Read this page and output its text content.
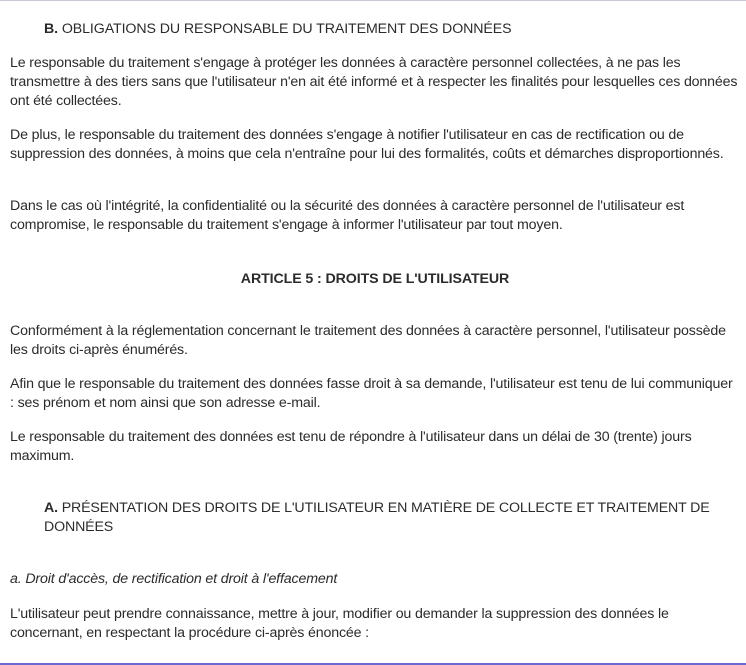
B. OBLIGATIONS DU RESPONSABLE DU TRAITEMENT DES DONNÉES

Le responsable du traitement s'engage à protéger les données à caractère personnel collectées, à ne pas les transmettre à des tiers sans que l'utilisateur n'en ait été informé et à respecter les finalités pour lesquelles ces données ont été collectées.

De plus, le responsable du traitement des données s'engage à notifier l'utilisateur en cas de rectification ou de suppression des données, à moins que cela n'entraîne pour lui des formalités, coûts et démarches disproportionnés.

Dans le cas où l'intégrité, la confidentialité ou la sécurité des données à caractère personnel de l'utilisateur est compromise, le responsable du traitement s'engage à informer l'utilisateur par tout moyen.

ARTICLE 5 : DROITS DE L'UTILISATEUR

Conformément à la réglementation concernant le traitement des données à caractère personnel, l'utilisateur possède les droits ci-après énumérés.

Afin que le responsable du traitement des données fasse droit à sa demande, l'utilisateur est tenu de lui communiquer : ses prénom et nom ainsi que son adresse e-mail.

Le responsable du traitement des données est tenu de répondre à l'utilisateur dans un délai de 30 (trente) jours maximum.

A. PRÉSENTATION DES DROITS DE L'UTILISATEUR EN MATIÈRE DE COLLECTE ET TRAITEMENT DE DONNÉES

a. Droit d'accès, de rectification et droit à l'effacement

L'utilisateur peut prendre connaissance, mettre à jour, modifier ou demander la suppression des données le concernant, en respectant la procédure ci-après énoncée :
